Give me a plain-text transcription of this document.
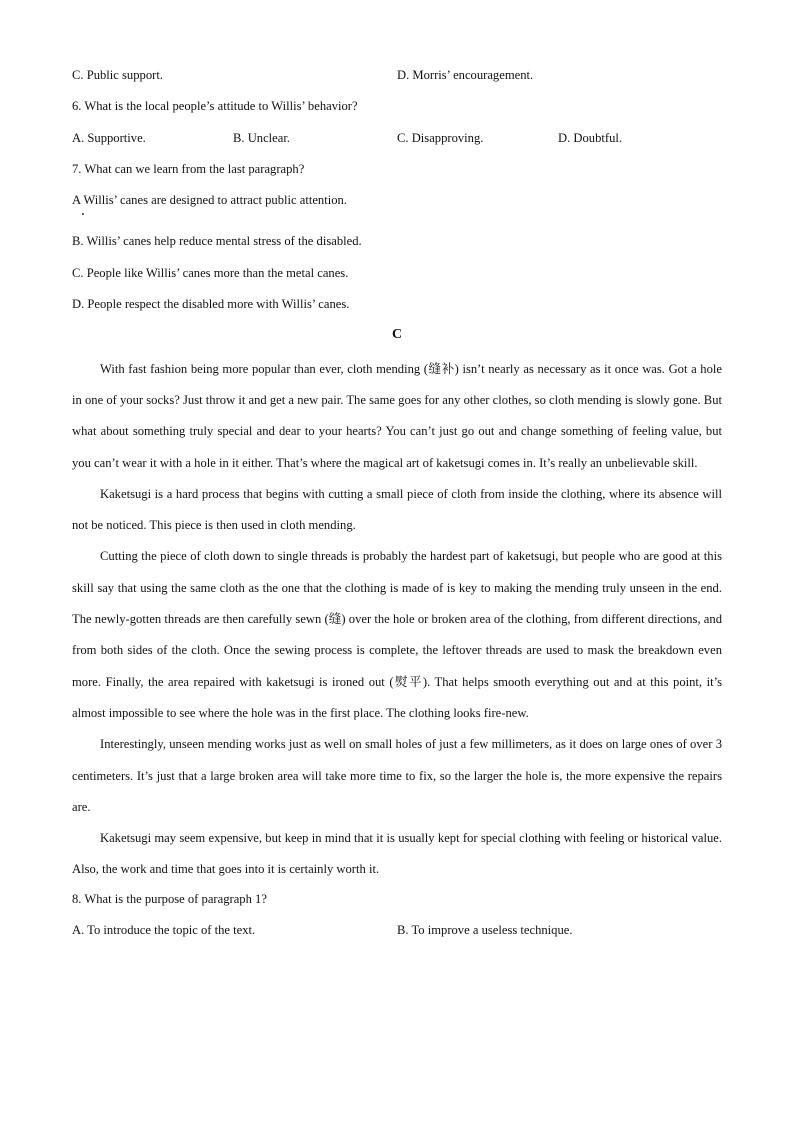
C. Public support.	D. Morris’ encouragement.
6. What is the local people’s attitude to Willis’ behavior?
A. Supportive.	B. Unclear.	C. Disapproving.	D. Doubtful.
7. What can we learn from the last paragraph?
A Willis’ canes are designed to attract public attention.
B. Willis’ canes help reduce mental stress of the disabled.
C. People like Willis’ canes more than the metal canes.
D. People respect the disabled more with Willis’ canes.
C

With fast fashion being more popular than ever, cloth mending (缝补) isn’t nearly as necessary as it once was. Got a hole in one of your socks? Just throw it and get a new pair. The same goes for any other clothes, so cloth mending is slowly gone. But what about something truly special and dear to your hearts? You can’t just go out and change something of feeling value, but you can’t wear it with a hole in it either. That’s where the magical art of kaketsugi comes in. It’s really an unbelievable skill.

Kaketsugi is a hard process that begins with cutting a small piece of cloth from inside the clothing, where its absence will not be noticed. This piece is then used in cloth mending.

Cutting the piece of cloth down to single threads is probably the hardest part of kaketsugi, but people who are good at this skill say that using the same cloth as the one that the clothing is made of is key to making the mending truly unseen in the end. The newly-gotten threads are then carefully sewn (缝) over the hole or broken area of the clothing, from different directions, and from both sides of the cloth. Once the sewing process is complete, the leftover threads are used to mask the breakdown even more. Finally, the area repaired with kaketsugi is ironed out (熨平). That helps smooth everything out and at this point, it’s almost impossible to see where the hole was in the first place. The clothing looks fire-new.

Interestingly, unseen mending works just as well on small holes of just a few millimeters, as it does on large ones of over 3 centimeters. It’s just that a large broken area will take more time to fix, so the larger the hole is, the more expensive the repairs are.

Kaketsugi may seem expensive, but keep in mind that it is usually kept for special clothing with feeling or historical value. Also, the work and time that goes into it is certainly worth it.

8. What is the purpose of paragraph 1?
A. To introduce the topic of the text.	B. To improve a useless technique.
